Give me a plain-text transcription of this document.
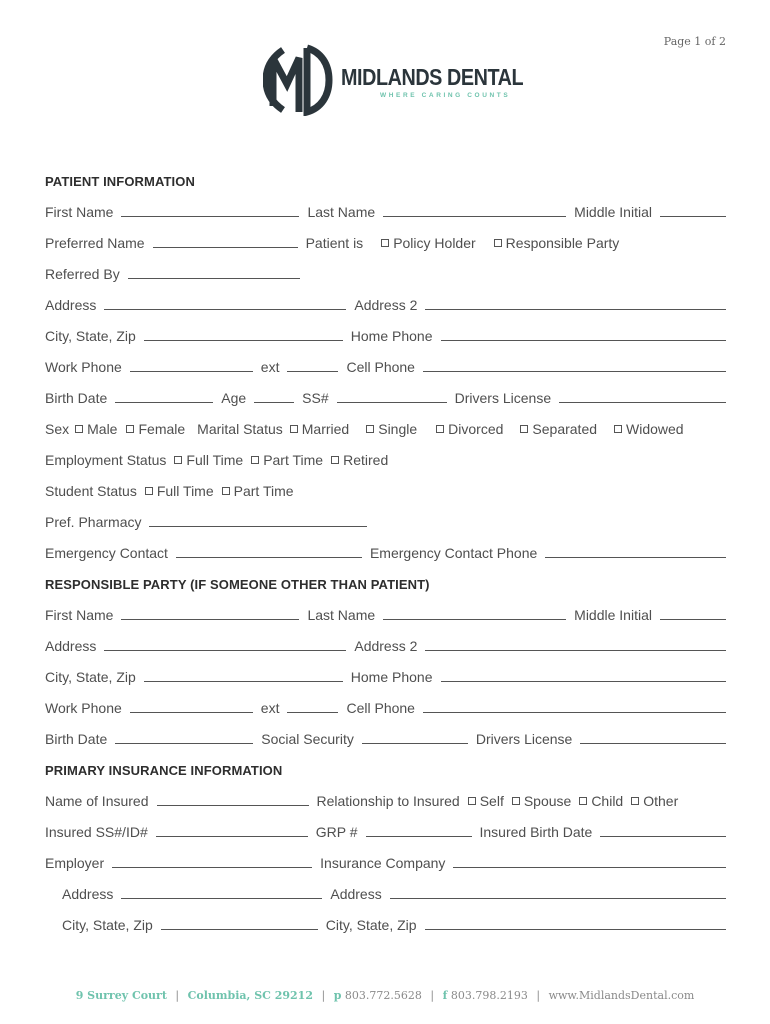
Page 1 of 2
MIDLANDS DENTAL
WHERE CARING COUNTS
PATIENT INFORMATION
First Name	Last Name	Middle Initial
Preferred Name	Patient is Policy Holder Responsible Party
Referred By
Address	Address 2
City, State, Zip	Home Phone
Work Phone	ext	Cell Phone
Birth Date	Age	SS#	Drivers License
Sex Male Female Marital Status Married Single Divorced Separated Widowed
Employment Status Full Time Part Time Retired
Student Status Full Time Part Time
Pref. Pharmacy
Emergency Contact	Emergency Contact Phone
RESPONSIBLE PARTY (IF SOMEONE OTHER THAN PATIENT)
First Name	Last Name	Middle Initial
Address	Address 2
City, State, Zip	Home Phone
Work Phone	ext	Cell Phone
Birth Date	Social Security	Drivers License
PRIMARY INSURANCE INFORMATION
Name of Insured	Relationship to Insured Self Spouse Child Other
Insured SS#/ID#	GRP #	Insured Birth Date
Employer	Insurance Company
Address	Address
City, State, Zip	City, State, Zip
9 Surrey Court | Columbia, SC 29212 | p 803.772.5628 | f 803.798.2193 | www.MidlandsDental.com
